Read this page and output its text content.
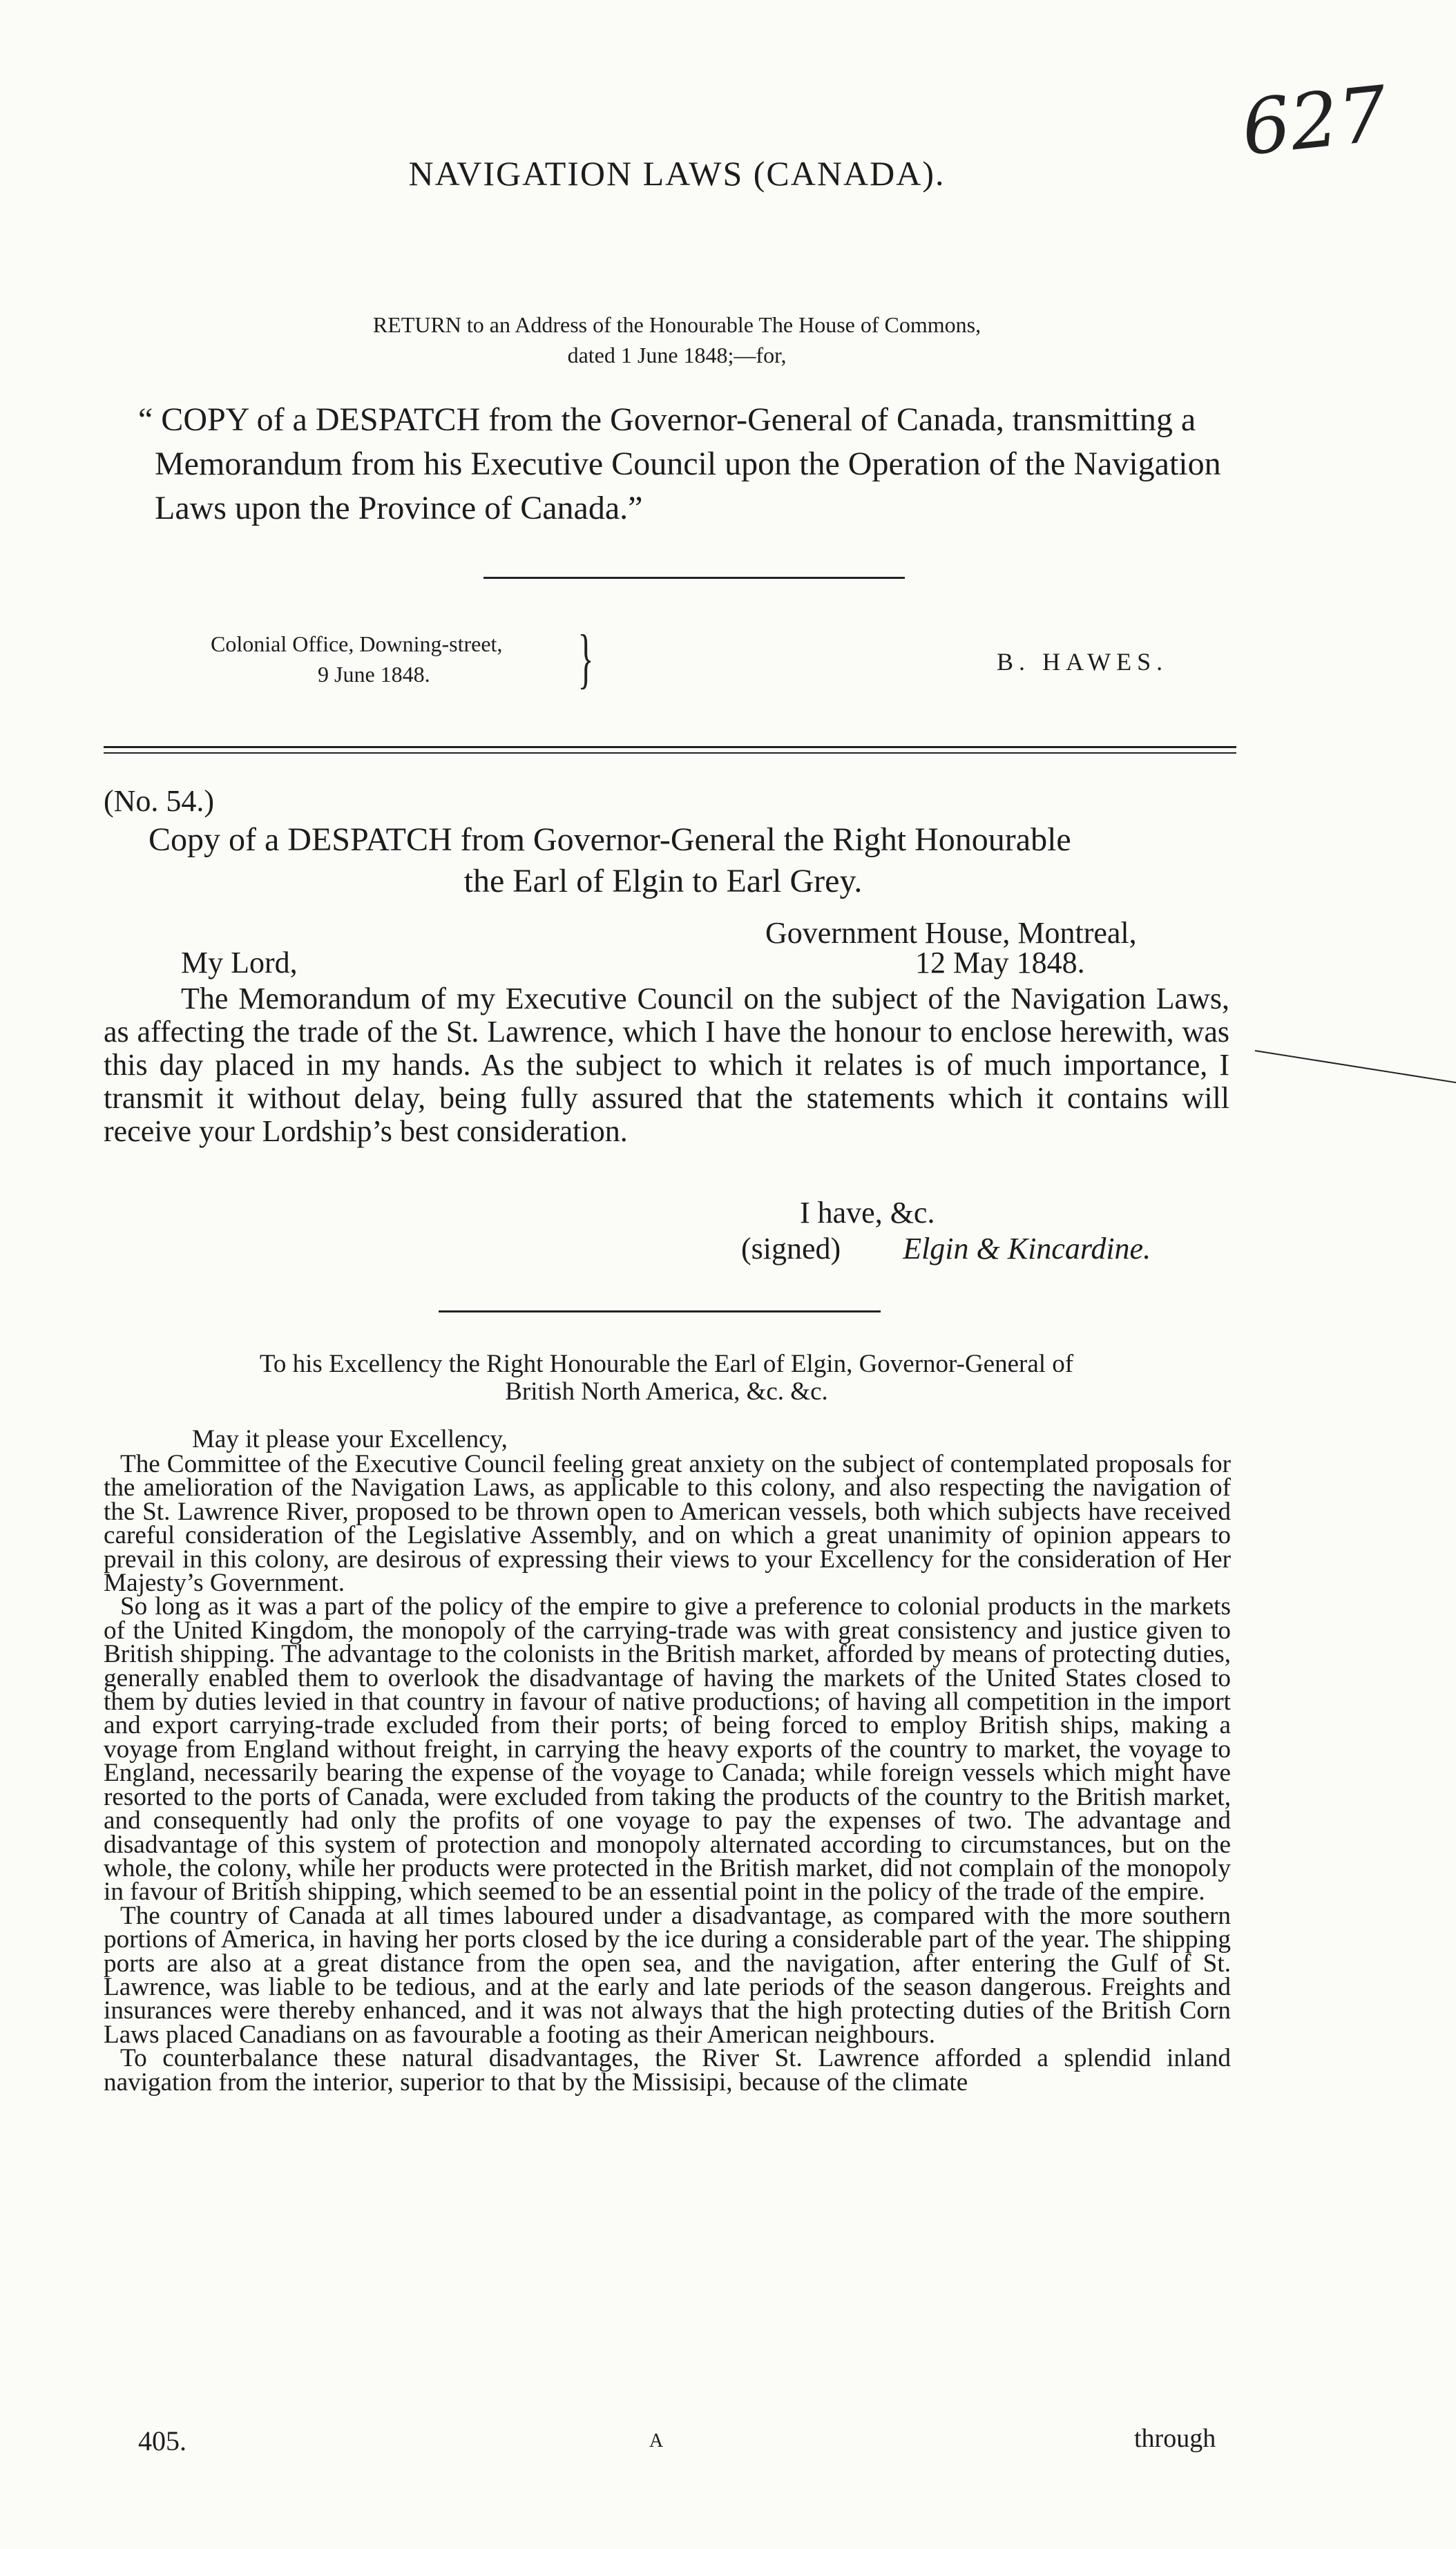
627
NAVIGATION LAWS (CANADA).
RETURN to an Address of the Honourable The House of Commons,
dated 1 June 1848;—for,
“ COPY of a DESPATCH from the Governor-General of Canada, transmitting a Memorandum from his Executive Council upon the Operation of the Navigation Laws upon the Province of Canada.”
Colonial Office, Downing-street,
9 June 1848.	}	B. HAWES.
(No. 54.)
Copy of a DESPATCH from Governor-General the Right Honourable
the Earl of Elgin to Earl Grey.
Government House, Montreal,
My Lord,	12 May 1848.
The Memorandum of my Executive Council on the subject of the Navigation Laws, as affecting the trade of the St. Lawrence, which I have the honour to enclose herewith, was this day placed in my hands. As the subject to which it relates is of much importance, I transmit it without delay, being fully assured that the statements which it contains will receive your Lordship’s best consideration.
I have, &c.
(signed) Elgin & Kincardine.
To his Excellency the Right Honourable the Earl of Elgin, Governor-General of
British North America, &c. &c.
May it please your Excellency,

The Committee of the Executive Council feeling great anxiety on the subject of contemplated proposals for the amelioration of the Navigation Laws, as applicable to this colony, and also respecting the navigation of the St. Lawrence River, proposed to be thrown open to American vessels, both which subjects have received careful consideration of the Legislative Assembly, and on which a great unanimity of opinion appears to prevail in this colony, are desirous of expressing their views to your Excellency for the consideration of Her Majesty’s Government.

So long as it was a part of the policy of the empire to give a preference to colonial products in the markets of the United Kingdom, the monopoly of the carrying-trade was with great consistency and justice given to British shipping. The advantage to the colonists in the British market, afforded by means of protecting duties, generally enabled them to overlook the disadvantage of having the markets of the United States closed to them by duties levied in that country in favour of native productions; of having all competition in the import and export carrying-trade excluded from their ports; of being forced to employ British ships, making a voyage from England without freight, in carrying the heavy exports of the country to market, the voyage to England, necessarily bearing the expense of the voyage to Canada; while foreign vessels which might have resorted to the ports of Canada, were excluded from taking the products of the country to the British market, and consequently had only the profits of one voyage to pay the expenses of two. The advantage and disadvantage of this system of protection and monopoly alternated according to circumstances, but on the whole, the colony, while her products were protected in the British market, did not complain of the monopoly in favour of British shipping, which seemed to be an essential point in the policy of the trade of the empire.

The country of Canada at all times laboured under a disadvantage, as compared with the more southern portions of America, in having her ports closed by the ice during a considerable part of the year. The shipping ports are also at a great distance from the open sea, and the navigation, after entering the Gulf of St. Lawrence, was liable to be tedious, and at the early and late periods of the season dangerous. Freights and insurances were thereby enhanced, and it was not always that the high protecting duties of the British Corn Laws placed Canadians on as favourable a footing as their American neighbours.

To counterbalance these natural disadvantages, the River St. Lawrence afforded a splendid inland navigation from the interior, superior to that by the Missisipi, because of the climate

405.	A	through
